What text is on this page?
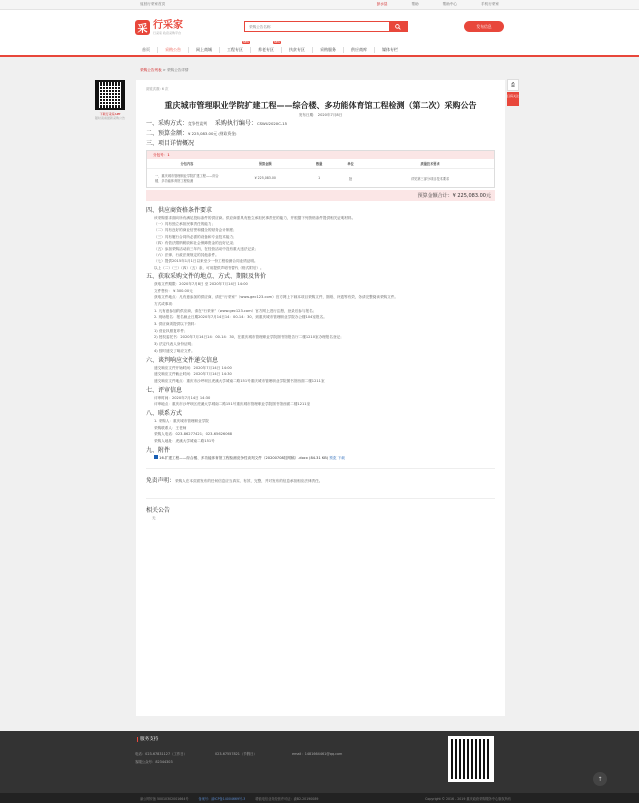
返回行采家首页	彭水县	帮助	帮助中心	手机行采家
采 行采家
行采家 政府采购平台
采购公告名称
发布信息
首页	采购公告	网上商城	工程专区
NEW
养老专区
NEW
扶贫专区	采购服务	供应商库	媒体专栏
采购公告列表 > 采购公告详情
下载行采家APP
随时查看最新采购公告
浏览次数: 6 次
重庆城市管理职业学院扩建工程——综合楼、多功能体育馆工程检测（第二次）采购公告
发布日期： 2020年7月8日
一、采购方式：竞争性谈判　 采购执行编号：CSWU2020C-15
二、预算金额：¥ 225,083.00元 (财政资金)
三、项目详情概况
分包号：1
分包内容	预算金额	数量	单位	质量技术要求
一、重庆城市管理职业学院扩建工程——综合楼、多功能体育馆工程检测	¥ 225,083.00	1	批	详见第三部分项目技术要求
预算金额合计：¥ 225,083.00元
四、供应商资格条件要求
该采购需求面向所有满足投标条件的供应商。供应商需具有独立承担民事责任的能力，并根据下列资格条件提供相关证明材料。
（一）具有独立承担民事责任的能力；
（二）具有良好的商业信誉和健全的财务会计制度；
（三）具有履行合同所必需的设备和专业技术能力；
（四）有依法缴纳税收和社会保障资金的良好记录；
（五）参加采购活动前三年内，在经营活动中没有重大违法记录；
（六）法律、行政法规规定的其他条件。
（七）提供2015年1月1日以来至少一份工程检测合同业绩证明。
以上（二）（三）（四）（五）条，可用提供声明书替代（格式附后）。
五、获取采购文件的地点、方式、期限及售价
获取文件期限：2020年7月8日 至 2020年7月14日 14:00
文件售价： ¥ 300.00元
获取文件地点：凡有意参加的供应商，请在“行采家”（www.gec123.com）官方网上下载本项目采购文件，图纸、补遗等有效，务请完整阅读采购文件。
方式或事项：
1. 凡有意参加的供应商，请在“行采家”（www.gec123.com）官方网上进行注册，登录后参与报名；
2. 现场报名：报名截止日期2020年7月14日14：00-14：30，到重庆城市管理职业学院办公楼104室报名。
3. 供应商须提供以下资料：
1) 营业执照复印件；
2) 授权委托书：2020年7月14日14：00-14：30，在重庆城市管理职业学院图书馆报告厅二楼1210室办理报名登记；
3) 法定代表人身份证明；
4) 按时递交了响应文件。
六、谈判响应文件递交信息
递交响应文件开始时间：2020年7月14日 14:00
递交响应文件截止时间：2020年7月14日 14:30
递交响应文件地点：重庆市沙坪坝区虎溪大学城南二路151号重庆城市管理职业学院图书馆西面二楼1211室
七、评审信息
评审时间：2020年7月14日 14:30
评审地点：重庆市沙坪坝区虎溪大学城南二路151号重庆城市管理职业学院图书馆西面二楼1211室
八、联系方式
1. 采购人：重庆城市管理职业学院
采购联系人：王老师
采购人电话：023-86277421；023-65626068
采购人地址：虎溪大学城南二路151号
九、附件
16.扩建工程——综合楼、多功能体育馆工程检测竞争性谈判文件（20200708挂网稿）.docx (84.31 KB) 预览 下载
免责声明：采购人在本页面发布的任何信息应当真实、有效、完整，并对发布的信息承担相应法律责任。
相关公告
无
⎙
扫码关注
服务支持
电话：023-67831127（工作日）	023-67557821（节假日）	email：1481664461@qq.com
客服公众号：82344303
渝公网安备 50010302001664号	备案号：渝ICP备14004669号-3	增值电信业务经营许可证：渝B2-20190089	Copyright © 2016 - 2019 重庆政府采购服务中心版权所有
↑
